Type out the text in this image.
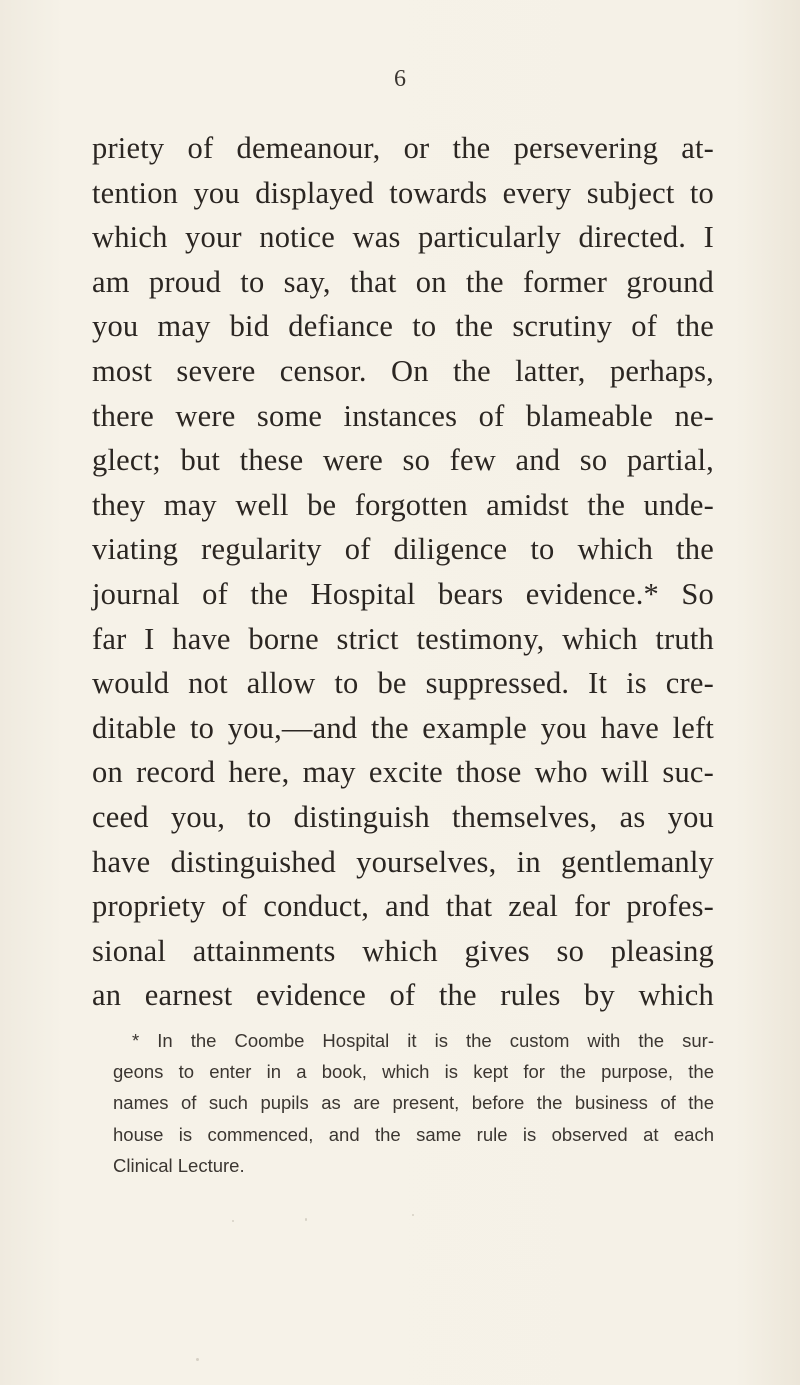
6
priety of demeanour, or the persevering at-
tention you displayed towards every subject to
which your notice was particularly directed. I
am proud to say, that on the former ground
you may bid defiance to the scrutiny of the
most severe censor. On the latter, perhaps,
there were some instances of blameable ne-
glect; but these were so few and so partial,
they may well be forgotten amidst the unde-
viating regularity of diligence to which the
journal of the Hospital bears evidence.* So
far I have borne strict testimony, which truth
would not allow to be suppressed. It is cre-
ditable to you,—and the example you have left
on record here, may excite those who will suc-
ceed you, to distinguish themselves, as you
have distinguished yourselves, in gentlemanly
propriety of conduct, and that zeal for profes-
sional attainments which gives so pleasing
an earnest evidence of the rules by which
* In the Coombe Hospital it is the custom with the sur-
geons to enter in a book, which is kept for the purpose, the
names of such pupils as are present, before the business of the
house is commenced, and the same rule is observed at each
Clinical Lecture.
